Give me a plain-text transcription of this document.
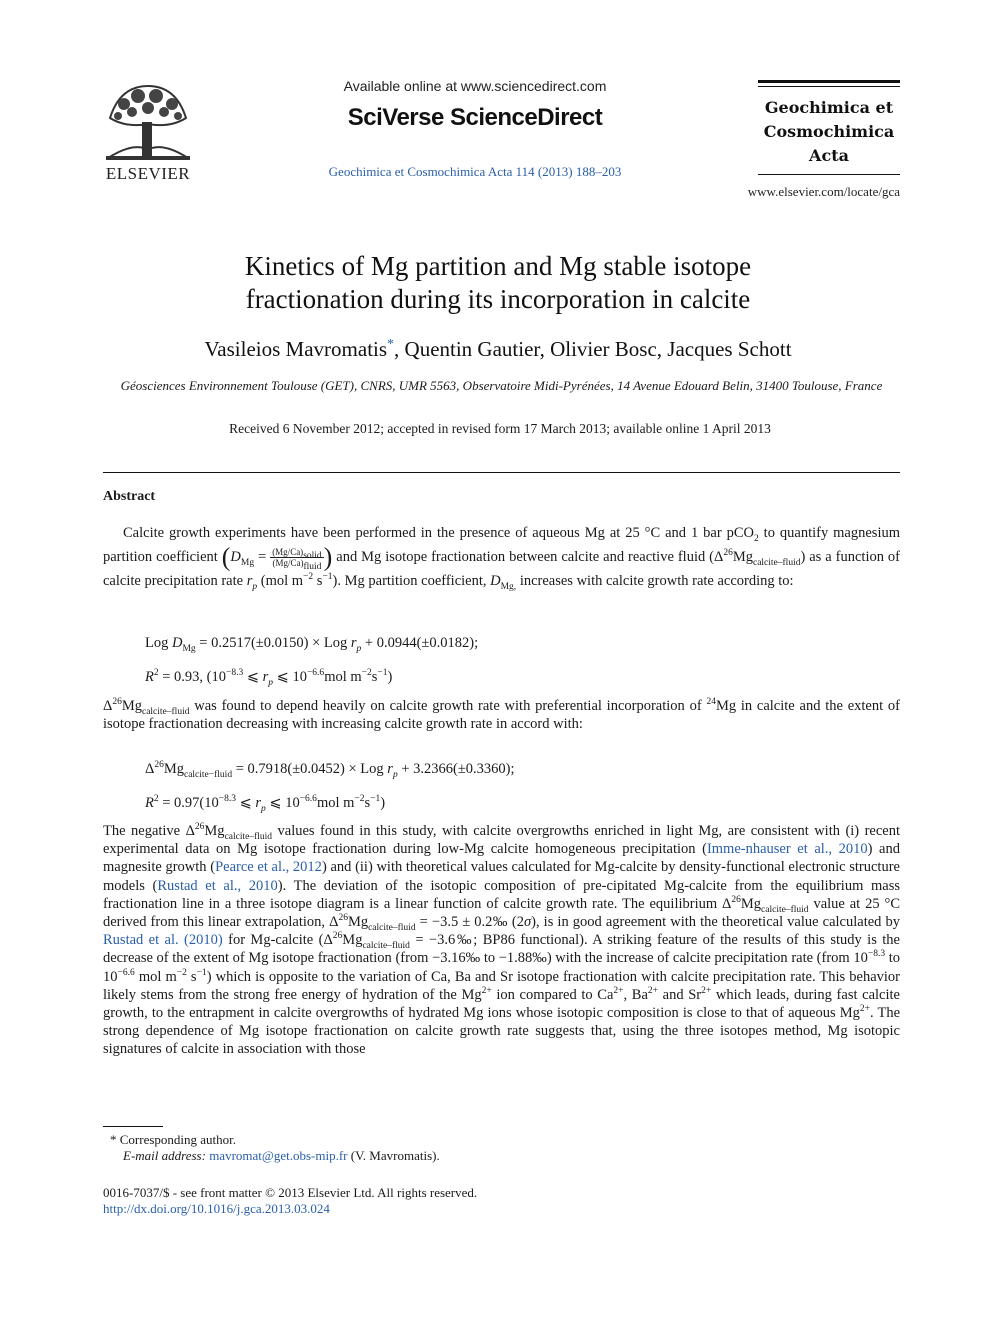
ELSEVIER
Available online at www.sciencedirect.com
SciVerse ScienceDirect
Geochimica et Cosmochimica Acta 114 (2013) 188–203
Geochimica et
Cosmochimica
Acta
www.elsevier.com/locate/gca
Kinetics of Mg partition and Mg stable isotope
fractionation during its incorporation in calcite
Vasileios Mavromatis*, Quentin Gautier, Olivier Bosc, Jacques Schott
Géosciences Environnement Toulouse (GET), CNRS, UMR 5563, Observatoire Midi-Pyrénées, 14 Avenue Edouard Belin, 31400 Toulouse, France
Received 6 November 2012; accepted in revised form 17 March 2013; available online 1 April 2013
Abstract
Calcite growth experiments have been performed in the presence of aqueous Mg at 25 °C and 1 bar pCO$_2$ to quantify magnesium partition coefficient ($D_{Mg} = \frac{(Mg/Ca)_{solid}}{(Mg/Ca)_{fluid}}$ ) and Mg isotope fractionation between calcite and reactive fluid $(\Delta^{26}Mg_{calcite-fluid})$ as a function of calcite precipitation rate $r_p$ (mol $m^{-2}$ $s^{-1}$). Mg partition coefficient, $D_{Mg,}$ increases with calcite growth rate according to:
Log $D_{Mg} = 0.2517(\pm 0.0150)$ × Log $r_p + 0.0944(\pm 0.0182)$;
$R^2 = 0.93$, ($10^{-8.3}$ ⩽ $r_p$ ⩽ $10^{-6.6}mol$ $m^{-2}s^{-1}$)
$\Delta^{26}Mg_{calcite-fluid}$ was found to depend heavily on calcite growth rate with preferential incorporation of $^{24}$Mg in calcite and the extent of isotope fractionation decreasing with increasing calcite growth rate in accord with:
$\Delta^{26}Mg_{calcite-fluid} = 0.7918(\pm 0.0452)$ × Log $r_p + 3.2366(\pm 0.3360)$;
$R^2 = 0.97(10^{-8.3}$ ⩽ $r_p$ ⩽ $10^{-6.6}mol$ $m^{-2}s^{-1}$)
The negative $\Delta^{26}Mg_{calcite-fluid}$ values found in this study, with calcite overgrowths enriched in light Mg, are consistent with (i) recent experimental data on Mg isotope fractionation during low-Mg calcite homogeneous precipitation (Imme-nhauser et al., 2010) and magnesite growth (Pearce et al., 2012) and (ii) with theoretical values calculated for Mg-calcite by density-functional electronic structure models (Rustad et al., 2010). The deviation of the isotopic composition of pre-cipitated Mg-calcite from the equilibrium mass fractionation line in a three isotope diagram is a linear function of calcite growth rate. The equilibrium $\Delta^{26}Mg_{calcite-fluid}$ value at 25 °C derived from this linear extrapolation, $\Delta^{26}Mg_{calcite-fluid} = -3.5$ ± 0.2‰ (2σ), is in good agreement with the theoretical value calculated by Rustad et al. (2010) for Mg-calcite ($\Delta^{26}Mg_{calcite-fluid}$ = −3.6‰; BP86 functional). A striking feature of the results of this study is the decrease of the extent of Mg isotope fractionation (from −3.16‰ to −1.88‰) with the increase of calcite precipitation rate (from $10^{-8.3}$ to $10^{-6.6}$ mol $m^{-2}$ $s^{-1}$) which is opposite to the variation of Ca, Ba and Sr isotope fractionation with calcite precipitation rate. This behavior likely stems from the strong free energy of hydration of the $Mg^{2+}$ ion compared to $Ca^{2+}$, $Ba^{2+}$ and $Sr^{2+}$ which leads, during fast calcite growth, to the entrapment in calcite overgrowths of hydrated Mg ions whose isotopic composition is close to that of aqueous $Mg^{2+}$. The strong dependence of Mg isotope fractionation on calcite growth rate suggests that, using the three isotopes method, Mg isotopic signatures of calcite in association with those
* Corresponding author.
E-mail address: mavromat@get.obs-mip.fr (V. Mavromatis).
0016-7037/$ - see front matter © 2013 Elsevier Ltd. All rights reserved.
http://dx.doi.org/10.1016/j.gca.2013.03.024
